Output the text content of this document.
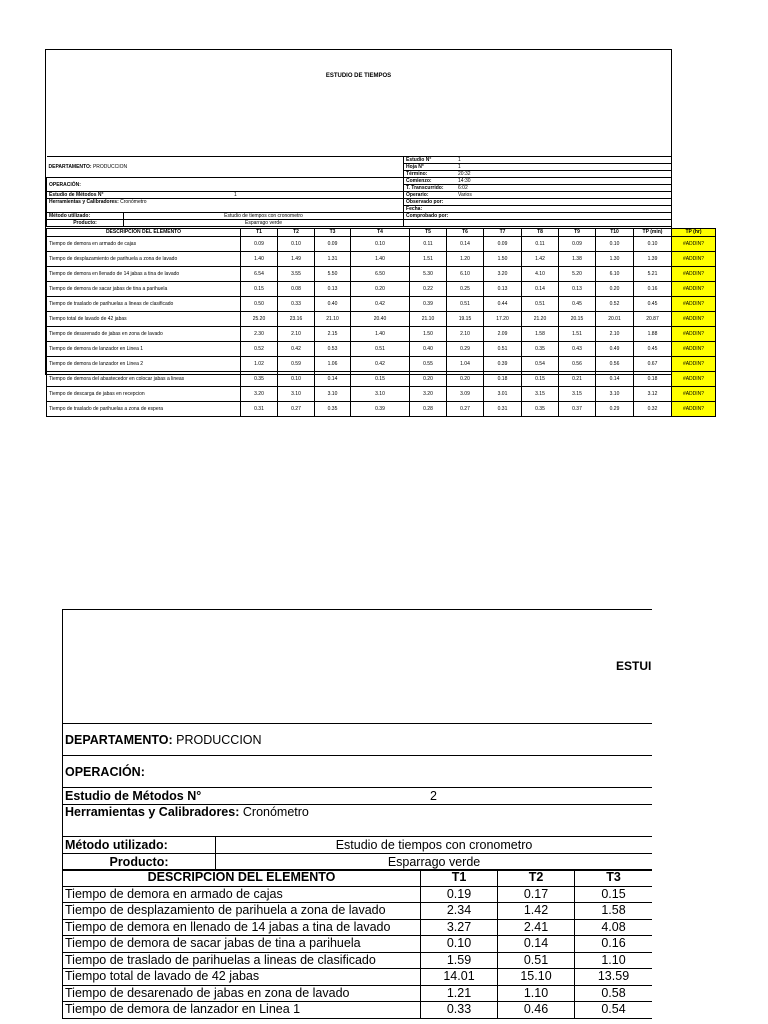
ESTUDIO DE TIEMPOS
DEPARTAMENTO: PRODUCCION		Estudio N° 1
		Hoja N° 1
		Término: 20:32
OPERACIÓN:		Comienzo: 14:30
		T. Transcurrido: 6:02
Estudio de Métodos N° 1		Operario: Varios
Herramientas y Calibradores: Cronómetro		Observado por:
		Fecha:
Método utilizado:	Estudio de tiempos con cronometro	Comprobado por:
Producto:	Esparrago verde	
DESCRIPCION DEL ELEMENTO	T1	T2	T3	T4	T5	T6	T7	T8	T9	T10	TP (min)	TP (hr)
Tiempo de demora en armado de cajas	0.09	0.10	0.09	0.10	0.11	0.14	0.09	0.11	0.09	0.10	0.10	#ADDIN?
Tiempo de desplazamiento de parihuela a zona de lavado	1.40	1.49	1.31	1.40	1.51	1.20	1.50	1.42	1.38	1.30	1.39	#ADDIN?
Tiempo de demora en llenado de 14 jabas a tina de lavado	6.54	3.55	5.50	6.50	5.30	6.10	3.20	4.10	5.20	6.10	5.21	#ADDIN?
Tiempo de demora de sacar jabas de tina a parihuela	0.15	0.08	0.13	0.20	0.22	0.25	0.13	0.14	0.13	0.20	0.16	#ADDIN?
Tiempo de traslado de parihuelas a lineas de clasificado	0.50	0.33	0.40	0.42	0.39	0.51	0.44	0.51	0.45	0.52	0.45	#ADDIN?
Tiempo total de lavado de 42 jabas	25.20	23.16	21.10	20.40	21.10	19.15	17.20	21.20	20.15	20.01	20.87	#ADDIN?
Tiempo de desarenado de jabas en zona de lavado	2.30	2.10	2.15	1.40	1.50	2.10	2.09	1.58	1.51	2.10	1.88	#ADDIN?
Tiempo de demora de lanzador en Linea 1	0.52	0.42	0.53	0.51	0.40	0.29	0.51	0.35	0.43	0.49	0.45	#ADDIN?
Tiempo de demora de lanzador en Linea 2	1.02	0.59	1.06	0.42	0.55	1.04	0.39	0.54	0.56	0.56	0.67	#ADDIN?
Tiempo de demora del abastecedor en colocar jabas a lineas	0.35	0.10	0.14	0.15	0.20	0.20	0.18	0.15	0.21	0.14	0.18	#ADDIN?
Tiempo de descarga de jabas en recepcion	3.20	3.10	3.10	3.10	3.20	3.09	3.01	3.15	3.15	3.10	3.12	#ADDIN?
Tiempo de traslado de parihuelas a zona de espera	0.31	0.27	0.35	0.39	0.28	0.27	0.31	0.35	0.37	0.29	0.32	#ADDIN?
ESTUI
DEPARTAMENTO: PRODUCCION	
OPERACIÓN:	
Estudio de Métodos N° 2	
Herramientas y Calibradores: Cronómetro	
Método utilizado:	Estudio de tiempos con cronometro
Producto:	Esparrago verde
DESCRIPCION DEL ELEMENTO	T1	T2	T3
Tiempo de demora en armado de cajas	0.19	0.17	0.15
Tiempo de desplazamiento de parihuela a zona de lavado	2.34	1.42	1.58
Tiempo de demora en llenado de 14 jabas a tina de lavado	3.27	2.41	4.08
Tiempo de demora de sacar jabas de tina a parihuela	0.10	0.14	0.16
Tiempo de traslado de parihuelas a lineas de clasificado	1.59	0.51	1.10
Tiempo total de lavado de 42 jabas	14.01	15.10	13.59
Tiempo de desarenado de jabas en zona de lavado	1.21	1.10	0.58
Tiempo de demora de lanzador en Linea 1	0.33	0.46	0.54
